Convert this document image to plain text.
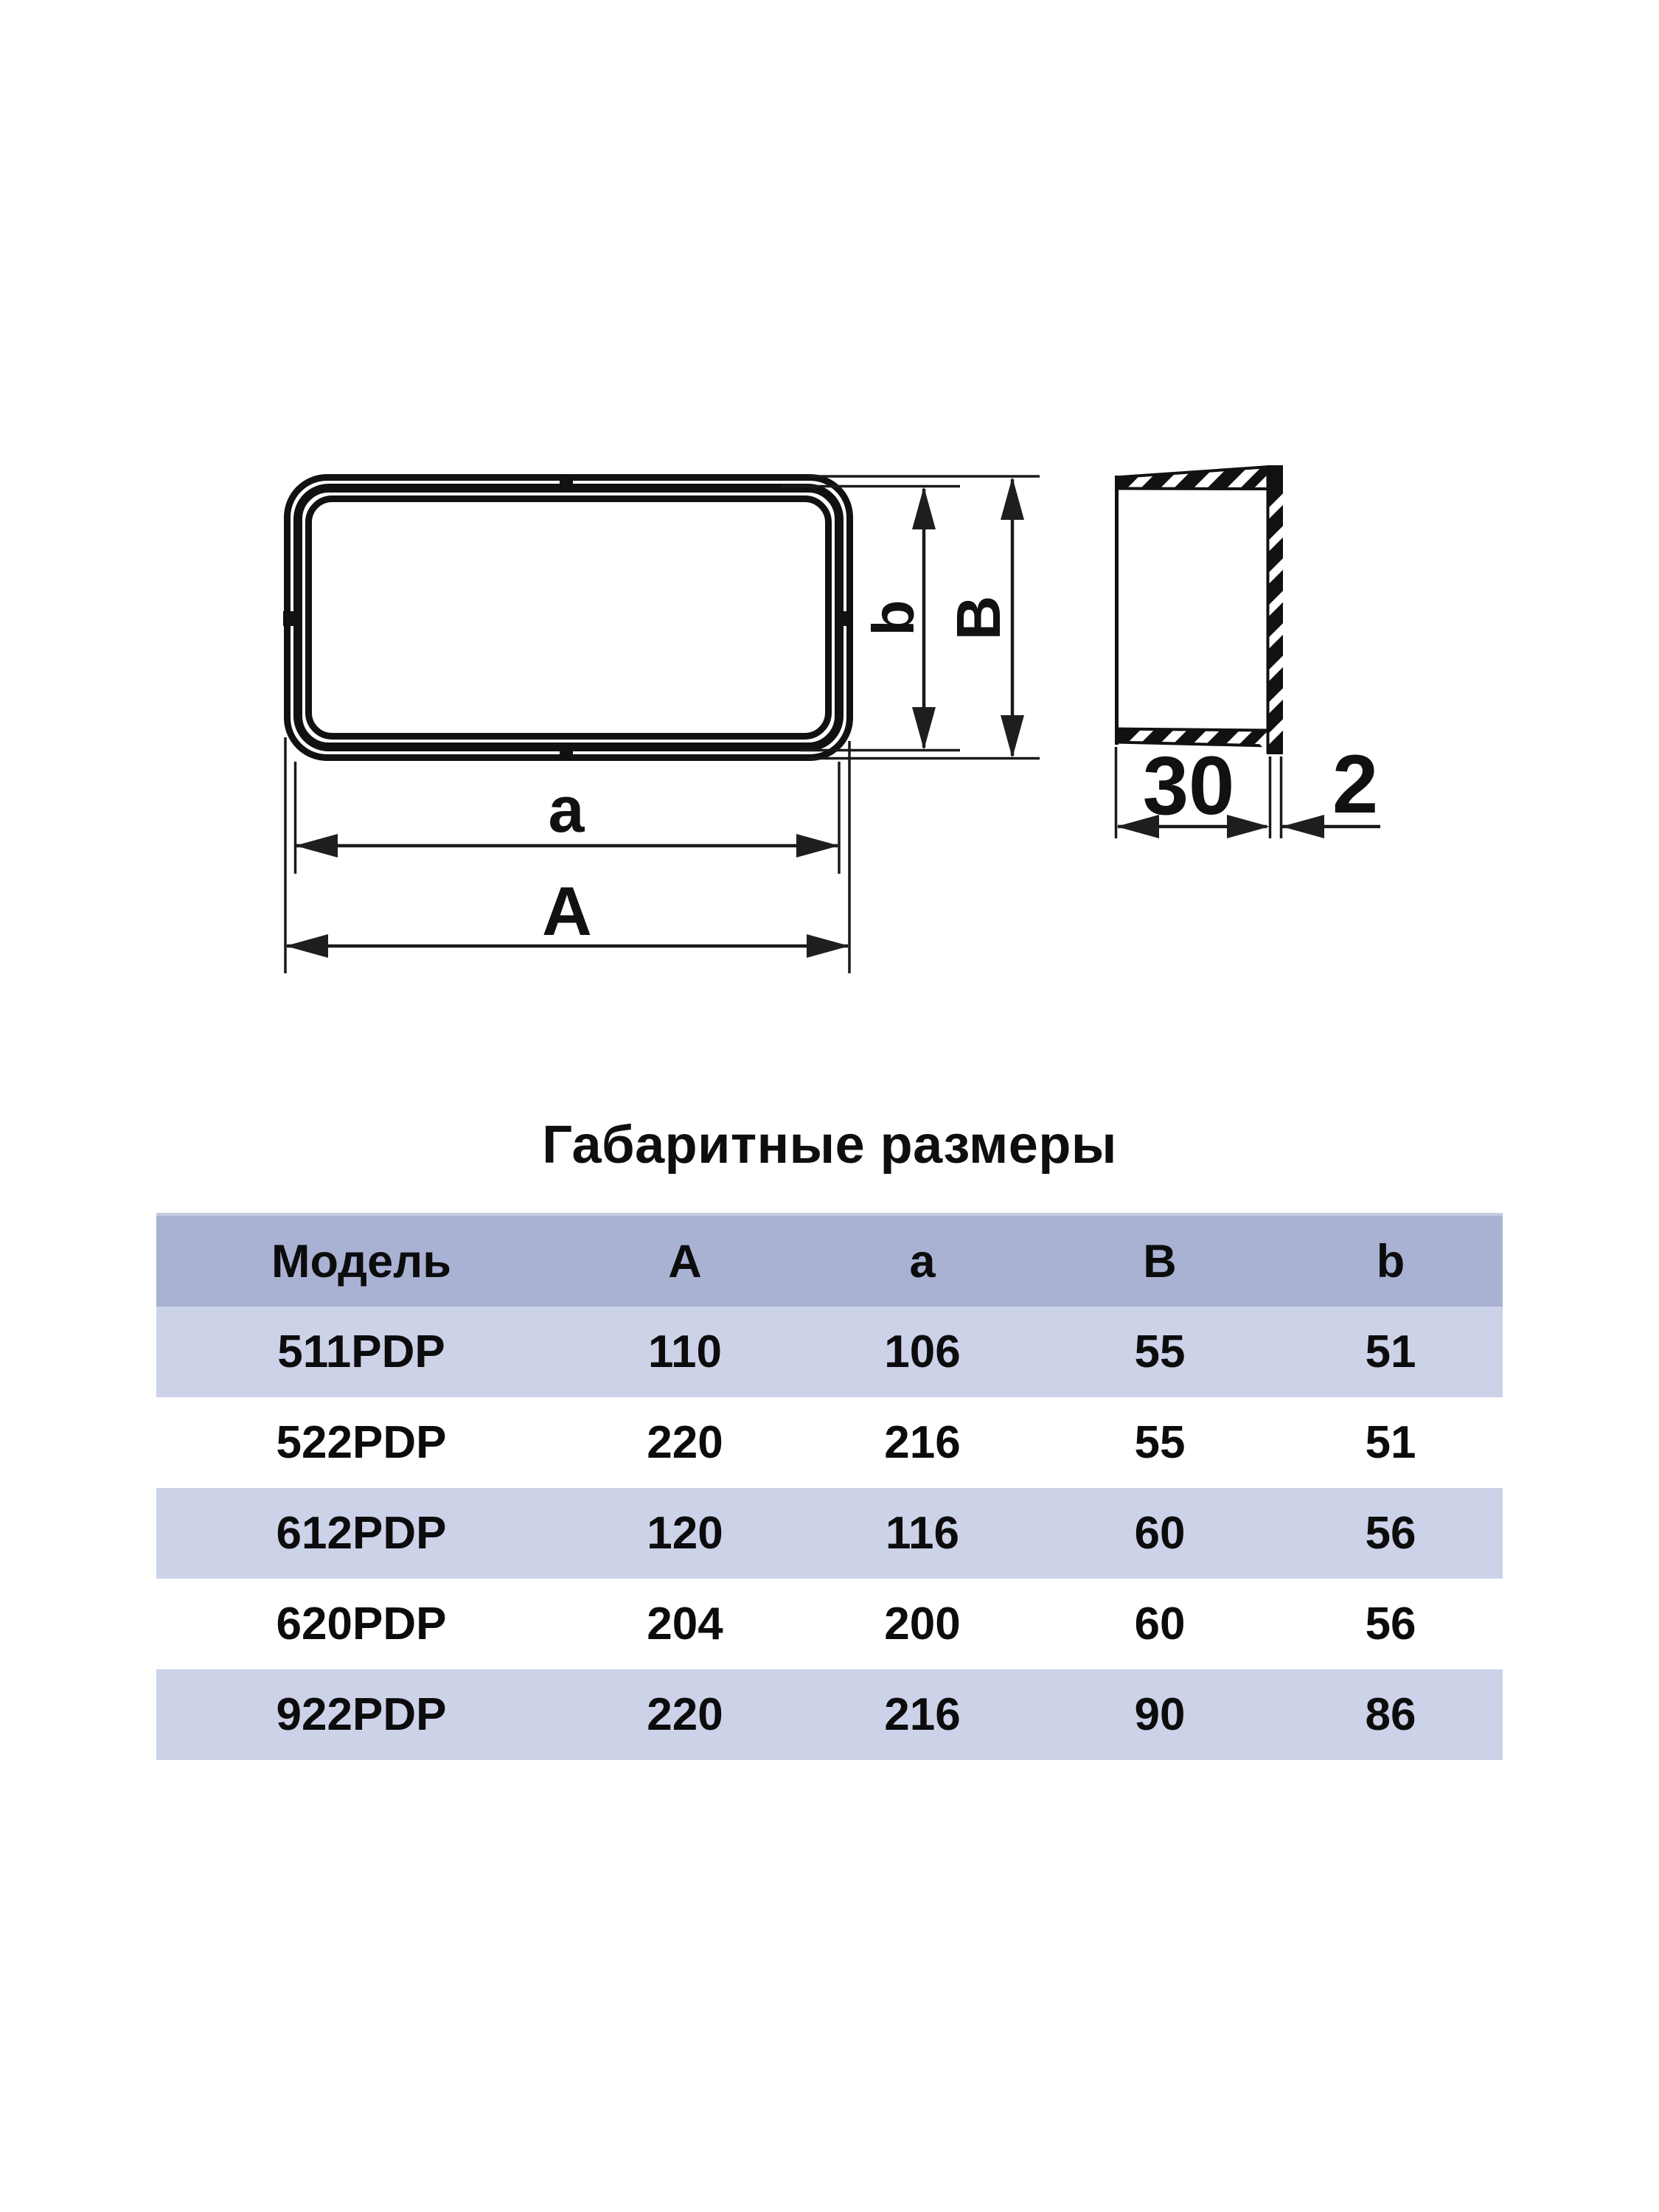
a
A
b B
30 2
Габаритные размеры
Модель	A	a	B	b
511PDP	110	106	55	51
522PDP	220	216	55	51
612PDP	120	116	60	56
620PDP	204	200	60	56
922PDP	220	216	90	86
